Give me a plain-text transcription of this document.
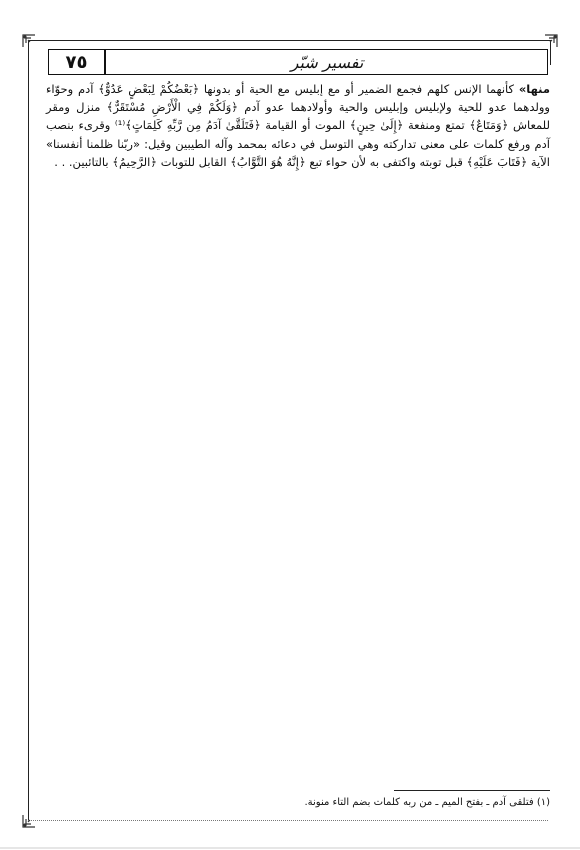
٧٥	تفسير شبّر
منها» كأنهما الإنس كلهم فجمع الضمير أو مع إبليس مع الحية أو بدونها ﴿بَعْضُكُمْ لِبَعْضٍ عَدُوٌّ﴾ آدم وحوّاء وولدهما عدو للحية ولإبليس وإبليس والحية وأولادهما عدو آدم ﴿وَلَكُمْ فِي الْأَرْضِ مُسْتَقَرٌّ﴾ منزل ومقر للمعاش ﴿وَمَتَاعٌ﴾ تمتع ومنفعة ﴿إِلَىٰ حِينٍ﴾ الموت أو القيامة ﴿فَتَلَقَّىٰ آدَمُ مِن رَّبِّهِ كَلِمَاتٍ﴾⁽¹⁾ وقرىء بنصب آدم ورفع كلمات على معنى تداركته وهي التوسل في دعائه بمحمد وآله الطيبين وقيل: «ربّنا ظلمنا أنفسنا» الآية ﴿فَتَابَ عَلَيْهِ﴾ قبل توبته واكتفى به لأن حواء تبع ﴿إِنَّهُ هُوَ التَّوَّابُ﴾ القابل للتوبات ﴿الرَّحِيمُ﴾ بالتائبين. . .
(١) فتلقى آدم ـ بفتح الميم ـ من ربه كلمات بضم التاء منونة.
